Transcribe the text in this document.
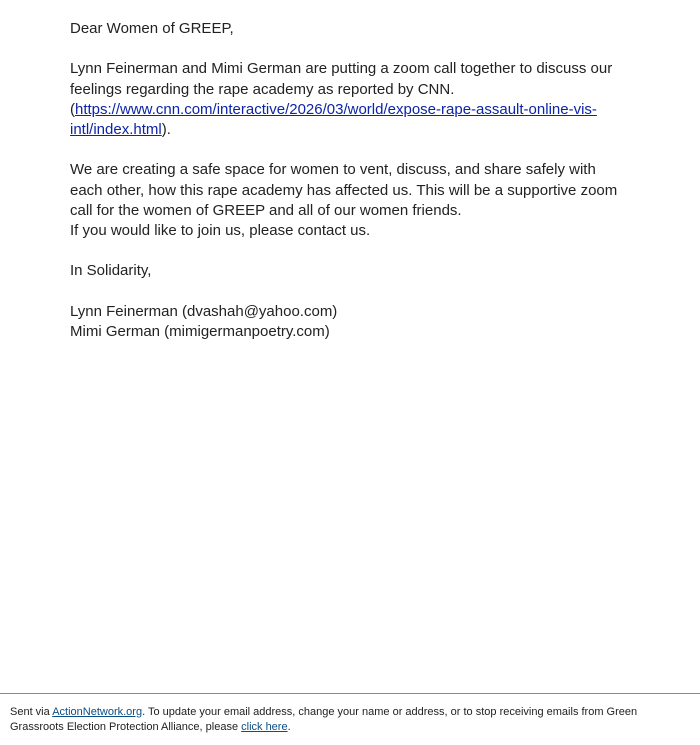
Dear Women of GREEP,

Lynn Feinerman and Mimi German are putting a zoom call together to discuss our feelings regarding the rape academy as reported by CNN.
(https://www.cnn.com/interactive/2026/03/world/expose-rape-assault-online-vis-intl/index.html).

We are creating a safe space for women to vent, discuss, and share safely with each other, how this rape academy has affected us. This will be a supportive zoom call for the women of GREEP and all of our women friends.
If you would like to join us, please contact us.

In Solidarity,

Lynn Feinerman (dvashah@yahoo.com)
Mimi German (mimigermanpoetry.com)

Sent via ActionNetwork.org. To update your email address, change your name or address, or to stop receiving emails from Green Grassroots Election Protection Alliance, please click here.
